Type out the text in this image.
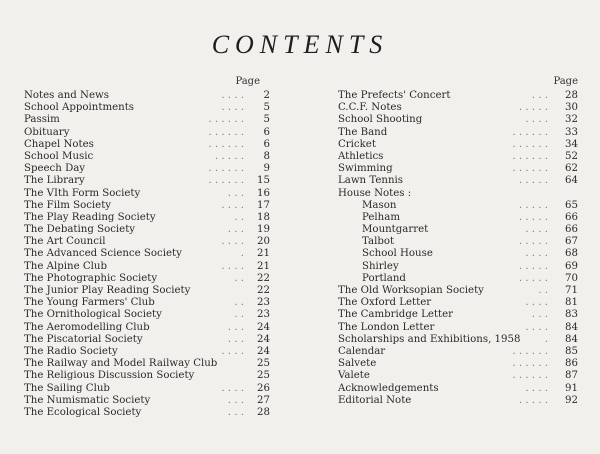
CONTENTS
Page
Notes and News	. . . . 2
School Appointments	. . . . 5
Passim	. . . . . . 5
Obituary	. . . . . . 6
Chapel Notes	. . . . . . 6
School Music	. . . . . 8
Speech Day	. . . . . . 9
The Library	. . . . . . 15
The VIth Form Society	. . . 16
The Film Society	. . . . 17
The Play Reading Society	. . 18
The Debating Society	. . . 19
The Art Council	. . . . 20
The Advanced Science Society	. 21
The Alpine Club	. . . . 21
The Photographic Society	. . 22
The Junior Play Reading Society	22
The Young Farmers' Club	. . 23
The Ornithological Society	. . 23
The Aeromodelling Club	. . . 24
The Piscatorial Society	. . . 24
The Radio Society	. . . . 24
The Railway and Model Railway Club	25
The Religious Discussion Society	25
The Sailing Club	. . . . 26
The Numismatic Society	. . . 27
The Ecological Society	. . . 28
Page
The Prefects' Concert	. . . 28
C.C.F. Notes	. . . . . 30
School Shooting	. . . . 32
The Band	. . . . . . 33
Cricket	. . . . . . 34
Athletics	. . . . . . 52
Swimming	. . . . . . 62
Lawn Tennis	. . . . . 64
House Notes :
Mason	. . . . . 65
Pelham	. . . . . 66
Mountgarret	. . . . 66
Talbot	. . . . . 67
School House	. . . . 68
Shirley	. . . . . 69
Portland	. . . . . 70
The Old Worksopian Society	. . 71
The Oxford Letter	. . . . 81
The Cambridge Letter	. . . 83
The London Letter	. . . . 84
Scholarships and Exhibitions, 1958	. 84
Calendar	. . . . . . 85
Salvete	. . . . . . 86
Valete	. . . . . . 87
Acknowledgements	. . . . 91
Editorial Note	. . . . . 92
